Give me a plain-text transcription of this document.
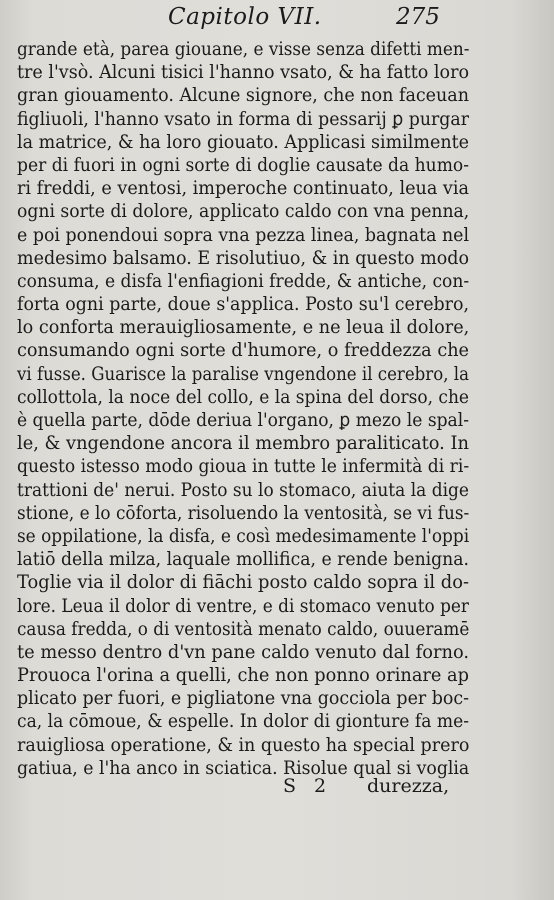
Capitolo VII.	275
grande età, parea giouane, e visse senza difetti men-
tre l'vsò. Alcuni tisici l'hanno vsato, & ha fatto loro
gran giouamento. Alcune signore, che non faceuan
figliuoli, l'hanno vsato in forma di pessarij ꝑ purgar
la matrice, & ha loro giouato. Applicasi similmente
per di fuori in ogni sorte di doglie causate da humo-
ri freddi, e ventosi, imperoche continuato, leua via
ogni sorte di dolore, applicato caldo con vna penna,
e poi ponendoui sopra vna pezza linea, bagnata nel
medesimo balsamo. E risolutiuo, & in questo modo
consuma, e disfa l'enfiagioni fredde, & antiche, con-
forta ogni parte, doue s'applica. Posto su'l cerebro,
lo conforta merauigliosamente, e ne leua il dolore,
consumando ogni sorte d'humore, o freddezza che
vi fusse. Guarisce la paralise vngendone il cerebro, la
collottola, la noce del collo, e la spina del dorso, che
è quella parte, dōde deriua l'organo, ꝑ mezo le spal-
le, & vngendone ancora il membro paraliticato. In
questo istesso modo gioua in tutte le infermità di ri-
trattioni de' nerui. Posto su lo stomaco, aiuta la dige
stione, e lo cōforta, risoluendo la ventosità, se vi fus-
se oppilatione, la disfa, e così medesimamente l'oppi
latiō della milza, laquale mollifica, e rende benigna.
Toglie via il dolor di fiāchi posto caldo sopra il do-
lore. Leua il dolor di ventre, e di stomaco venuto per
causa fredda, o di ventosità menato caldo, ouueramē
te messo dentro d'vn pane caldo venuto dal forno.
Prouoca l'orina a quelli, che non ponno orinare ap
plicato per fuori, e pigliatone vna gocciola per boc-
ca, la cōmoue, & espelle. In dolor di gionture fa me-
rauigliosa operatione, & in questo ha special prero
gatiua, e l'ha anco in sciatica. Risolue qual si voglia
S 2 durezza,
